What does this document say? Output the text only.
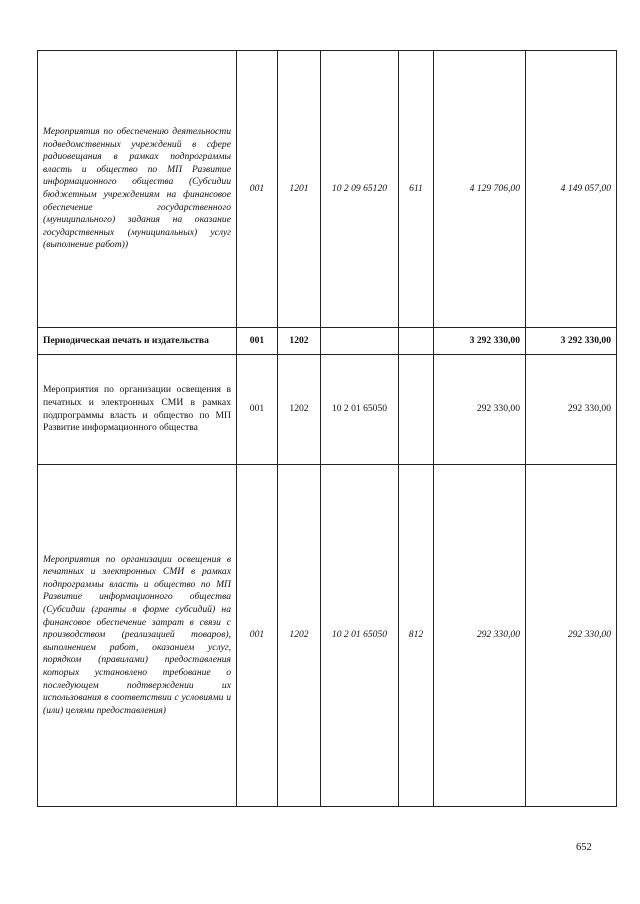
Мероприятия по обеспечению деятельности подведомственных учреждений в сфере радиовещания в рамках подпрограммы власть и общество по МП Развитие информационного общества (Субсидии бюджетным учреждениям на финансовое обеспечение государственного (муниципального) задания на оказание государственных (муниципальных) услуг (выполнение работ))	001	1201	10 2 09 65120	611	4 129 706,00	4 149 057,00
Периодическая печать и издательства	001	1202			3 292 330,00	3 292 330,00
Мероприятия по организации освещения в печатных и электронных СМИ в рамках подпрограммы власть и общество по МП Развитие информационного общества	001	1202	10 2 01 65050		292 330,00	292 330,00
Мероприятия по организации освещения в печатных и электронных СМИ в рамках подпрограммы власть и общество по МП Развитие информационного общества (Субсидии (гранты в форме субсидий) на финансовое обеспечение затрат в связи с производством (реализацией товаров), выполнением работ, оказанием услуг, порядком (правилами) предоставления которых установлено требование о последующем подтверждении их использования в соответствии с условиями и (или) целями предоставления)	001	1202	10 2 01 65050	812	292 330,00	292 330,00
652
